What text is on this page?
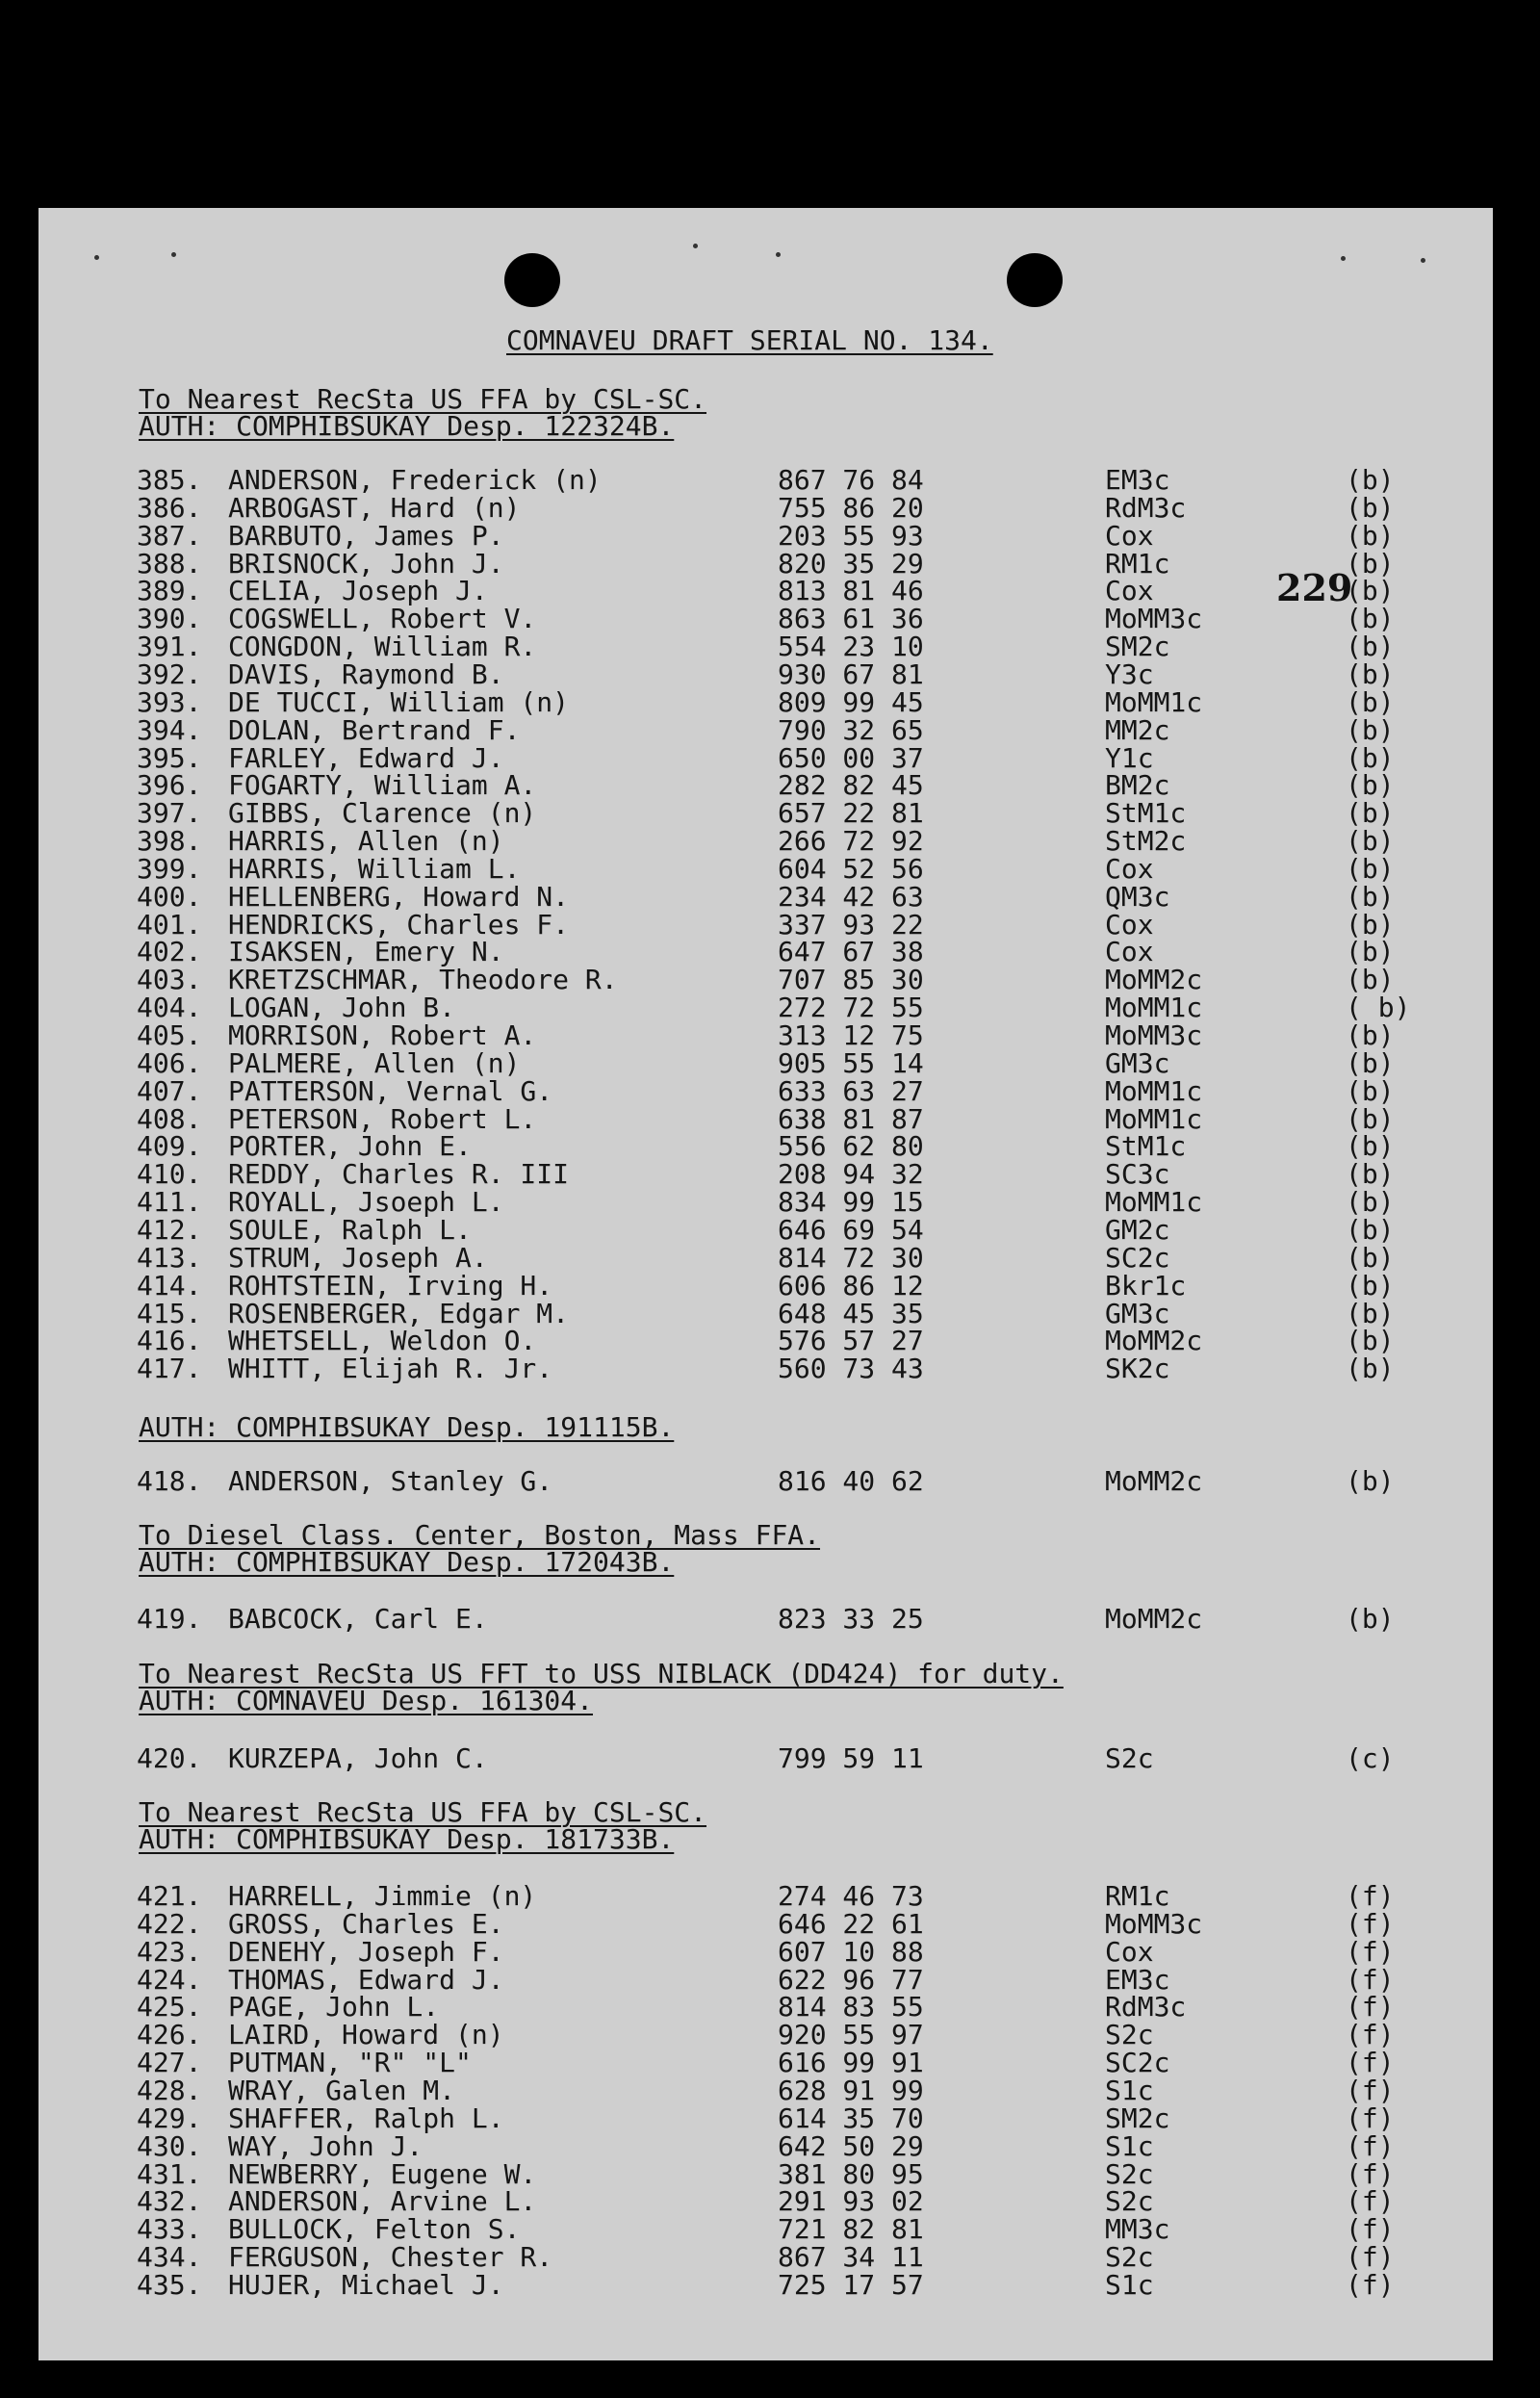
COMNAVEU DRAFT SERIAL NO. 134.
229
To Nearest RecSta US FFA by CSL-SC.
AUTH: COMPHIBSUKAY Desp. 122324B.
385. ANDERSON, Frederick (n)	867 76 84	EM3c	(b)
386. ARBOGAST, Hard (n)	755 86 20	RdM3c	(b)
387. BARBUTO, James P.	203 55 93	Cox	(b)
388. BRISNOCK, John J.	820 35 29	RM1c	(b)
389. CELIA, Joseph J.	813 81 46	Cox	(b)
390. COGSWELL, Robert V.	863 61 36	MoMM3c	(b)
391. CONGDON, William R.	554 23 10	SM2c	(b)
392. DAVIS, Raymond B.	930 67 81	Y3c	(b)
393. DE TUCCI, William (n)	809 99 45	MoMM1c	(b)
394. DOLAN, Bertrand F.	790 32 65	MM2c	(b)
395. FARLEY, Edward J.	650 00 37	Y1c	(b)
396. FOGARTY, William A.	282 82 45	BM2c	(b)
397. GIBBS, Clarence (n)	657 22 81	StM1c	(b)
398. HARRIS, Allen (n)	266 72 92	StM2c	(b)
399. HARRIS, William L.	604 52 56	Cox	(b)
400. HELLENBERG, Howard N.	234 42 63	QM3c	(b)
401. HENDRICKS, Charles F.	337 93 22	Cox	(b)
402. ISAKSEN, Emery N.	647 67 38	Cox	(b)
403. KRETZSCHMAR, Theodore R.	707 85 30	MoMM2c	(b)
404. LOGAN, John B.	272 72 55	MoMM1c	( b)
405. MORRISON, Robert A.	313 12 75	MoMM3c	(b)
406. PALMERE, Allen (n)	905 55 14	GM3c	(b)
407. PATTERSON, Vernal G.	633 63 27	MoMM1c	(b)
408. PETERSON, Robert L.	638 81 87	MoMM1c	(b)
409. PORTER, John E.	556 62 80	StM1c	(b)
410. REDDY, Charles R. III	208 94 32	SC3c	(b)
411. ROYALL, Jsoeph L.	834 99 15	MoMM1c	(b)
412. SOULE, Ralph L.	646 69 54	GM2c	(b)
413. STRUM, Joseph A.	814 72 30	SC2c	(b)
414. ROHTSTEIN, Irving H.	606 86 12	Bkr1c	(b)
415. ROSENBERGER, Edgar M.	648 45 35	GM3c	(b)
416. WHETSELL, Weldon O.	576 57 27	MoMM2c	(b)
417. WHITT, Elijah R. Jr.	560 73 43	SK2c	(b)
AUTH: COMPHIBSUKAY Desp. 191115B.
418. ANDERSON, Stanley G.	816 40 62	MoMM2c	(b)
To Diesel Class. Center, Boston, Mass FFA.
AUTH: COMPHIBSUKAY Desp. 172043B.
419. BABCOCK, Carl E.	823 33 25	MoMM2c	(b)
To Nearest RecSta US FFT to USS NIBLACK (DD424) for duty.
AUTH: COMNAVEU Desp. 161304.
420. KURZEPA, John C.	799 59 11	S2c	(c)
To Nearest RecSta US FFA by CSL-SC.
AUTH: COMPHIBSUKAY Desp. 181733B.
421. HARRELL, Jimmie (n)	274 46 73	RM1c	(f)
422. GROSS, Charles E.	646 22 61	MoMM3c	(f)
423. DENEHY, Joseph F.	607 10 88	Cox	(f)
424. THOMAS, Edward J.	622 96 77	EM3c	(f)
425. PAGE, John L.	814 83 55	RdM3c	(f)
426. LAIRD, Howard (n)	920 55 97	S2c	(f)
427. PUTMAN, "R" "L"	616 99 91	SC2c	(f)
428. WRAY, Galen M.	628 91 99	S1c	(f)
429. SHAFFER, Ralph L.	614 35 70	SM2c	(f)
430. WAY, John J.	642 50 29	S1c	(f)
431. NEWBERRY, Eugene W.	381 80 95	S2c	(f)
432. ANDERSON, Arvine L.	291 93 02	S2c	(f)
433. BULLOCK, Felton S.	721 82 81	MM3c	(f)
434. FERGUSON, Chester R.	867 34 11	S2c	(f)
435. HUJER, Michael J.	725 17 57	S1c	(f)
